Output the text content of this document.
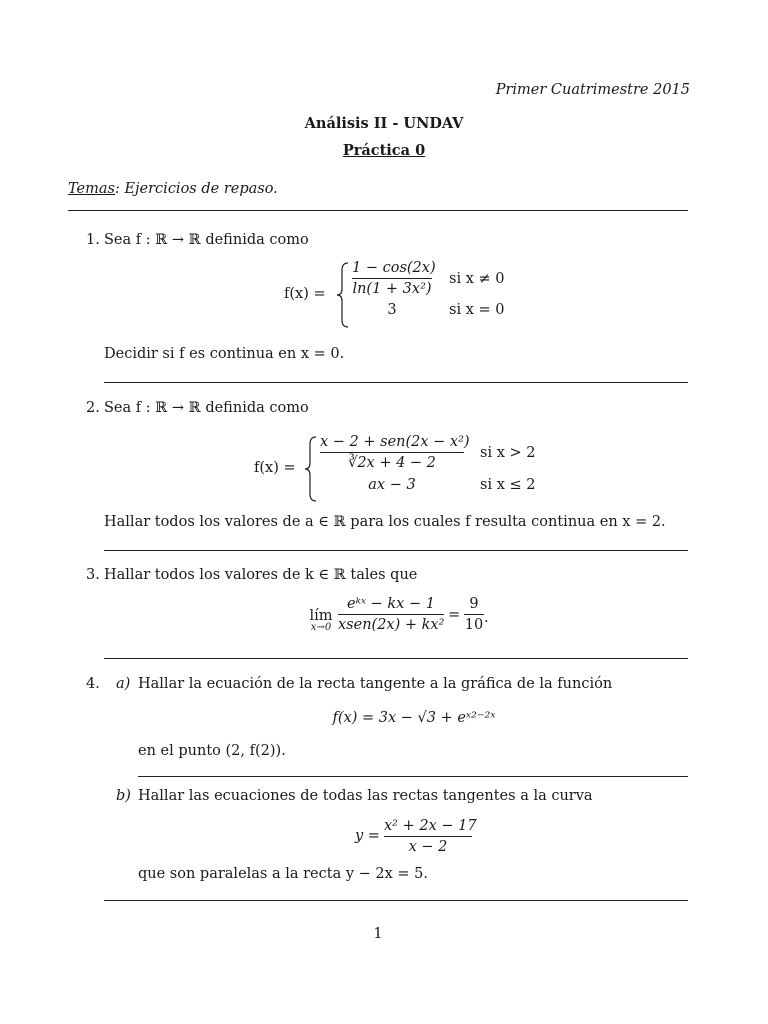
Primer Cuatrimestre 2015
Análisis II - UNDAV
Práctica 0
Temas: Ejercicios de repaso.
1. Sea f : ℝ → ℝ definida como
$f(x) = \frac{1 - \cos(2x)}{\text{ln(1 + 3x²)}}$ si x ≠ 0
3	si x = 0
Decidir si f es continua en x = 0.
2. Sea f : ℝ → ℝ definida como
f(x) =
x − 2 + sen(2x − x²)
∛2x + 4 − 2
si x > 2
ax − 3	si x ≤ 2
Hallar todos los valores de a ∈ ℝ para los cuales f resulta continua en x = 2.
3. Hallar todos los valores de k ∈ ℝ tales que
lím
x→0
eᵏˣ − kx − 1
xsen(2x) + kx²
= $\frac{9}{10}$ .
4. a) Hallar la ecuación de la recta tangente a la gráfica de la función
f(x) = 3x − √3 + eˣ²⁻²ˣ
en el punto (2, f(2)).
b) Hallar las ecuaciones de todas las rectas tangentes a la curva
$y = \frac{\text{x² + 2x − 17}}{x - 2}$
que son paralelas a la recta y − 2x = 5.
1
